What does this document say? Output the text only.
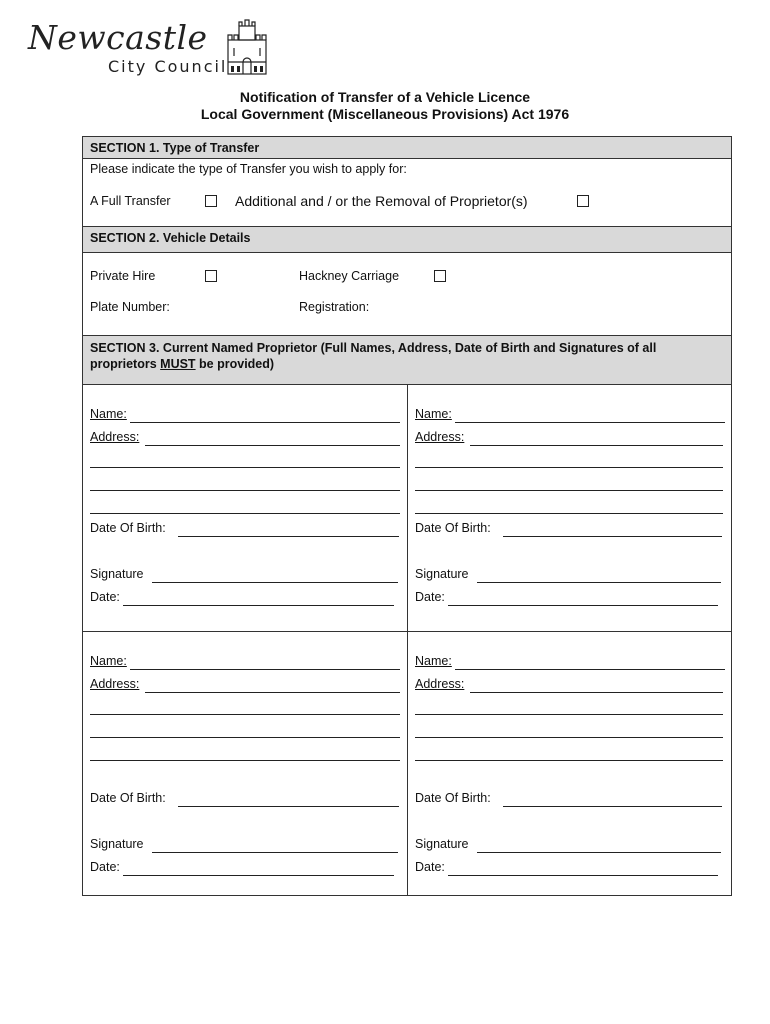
Newcastle
City Council
Notification of Transfer of a Vehicle Licence
Local Government (Miscellaneous Provisions) Act 1976
SECTION 1. Type of Transfer
Please indicate the type of Transfer you wish to apply for:
A Full Transfer	Additional and / or the Removal of Proprietor(s)
SECTION 2. Vehicle Details
Private Hire	Hackney Carriage
Plate Number:	Registration:
SECTION 3. Current Named Proprietor (Full Names, Address, Date of Birth and Signatures of all proprietors MUST be provided)
Name:
Address:
Date Of Birth:
Signature
Date:
Name:
Address:
Date Of Birth:
Signature
Date:
Name:
Address:
Date Of Birth:
Signature
Date:
Name:
Address:
Date Of Birth:
Signature
Date:
